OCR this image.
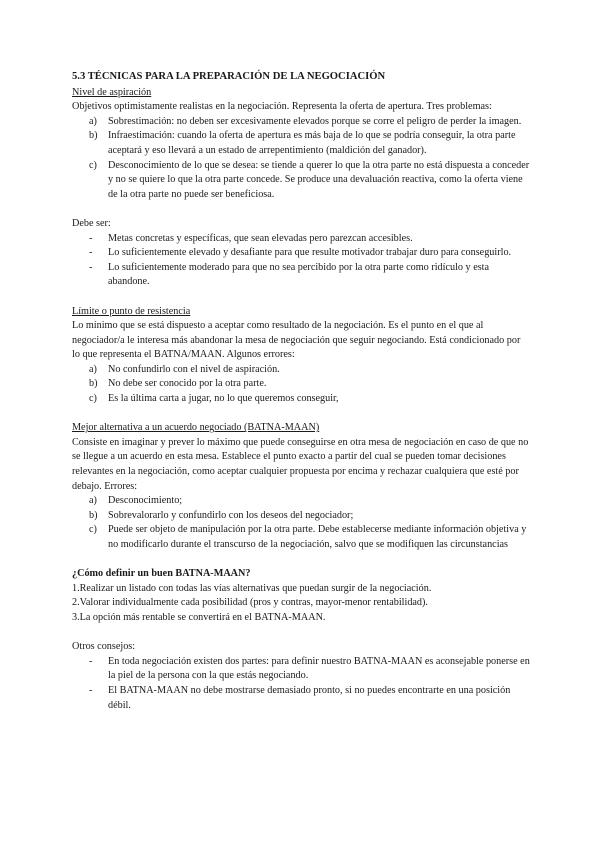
5.3 TÉCNICAS PARA LA PREPARACIÓN DE LA NEGOCIACIÓN

Nivel de aspiración

Objetivos optimistamente realistas en la negociación. Representa la oferta de apertura. Tres problemas:

a) Sobrestimación: no deben ser excesivamente elevados porque se corre el peligro de perder la imagen.
b) Infraestimación: cuando la oferta de apertura es más baja de lo que se podría conseguir, la otra parte aceptará y eso llevará a un estado de arrepentimiento (maldición del ganador).
c) Desconocimiento de lo que se desea: se tiende a querer lo que la otra parte no está dispuesta a conceder y no se quiere lo que la otra parte concede. Se produce una devaluación reactiva, como la oferta viene de la otra parte no puede ser beneficiosa.

Debe ser:

- Metas concretas y específicas, que sean elevadas pero parezcan accesibles.
- Lo suficientemente elevado y desafiante para que resulte motivador trabajar duro para conseguirlo.
- Lo suficientemente moderado para que no sea percibido por la otra parte como ridículo y esta abandone.

Límite o punto de resistencia

Lo mínimo que se está dispuesto a aceptar como resultado de la negociación. Es el punto en el que al negociador/a le interesa más abandonar la mesa de negociación que seguir negociando. Está condicionado por lo que representa el BATNA/MAAN. Algunos errores:

a) No confundirlo con el nivel de aspiración.
b) No debe ser conocido por la otra parte.
c) Es la última carta a jugar, no lo que queremos conseguir,

Mejor alternativa a un acuerdo negociado (BATNA-MAAN)

Consiste en imaginar y prever lo máximo que puede conseguirse en otra mesa de negociación en caso de que no se llegue a un acuerdo en esta mesa. Establece el punto exacto a partir del cual se pueden tomar decisiones relevantes en la negociación, como aceptar cualquier propuesta por encima y rechazar cualquiera que esté por debajo. Errores:

a) Desconocimiento;
b) Sobrevalorarlo y confundirlo con los deseos del negociador;
c) Puede ser objeto de manipulación por la otra parte. Debe establecerse mediante información objetiva y no modificarlo durante el transcurso de la negociación, salvo que se modifiquen las circunstancias

¿Cómo definir un buen BATNA-MAAN?

1.Realizar un listado con todas las vías alternativas que puedan surgir de la negociación.

2.Valorar individualmente cada posibilidad (pros y contras, mayor-menor rentabilidad).

3.La opción más rentable se convertirá en el BATNA-MAAN.

Otros consejos:

- En toda negociación existen dos partes: para definir nuestro BATNA-MAAN es aconsejable ponerse en la piel de la persona con la que estás negociando.
- El BATNA-MAAN no debe mostrarse demasiado pronto, si no puedes encontrarte en una posición débil.
